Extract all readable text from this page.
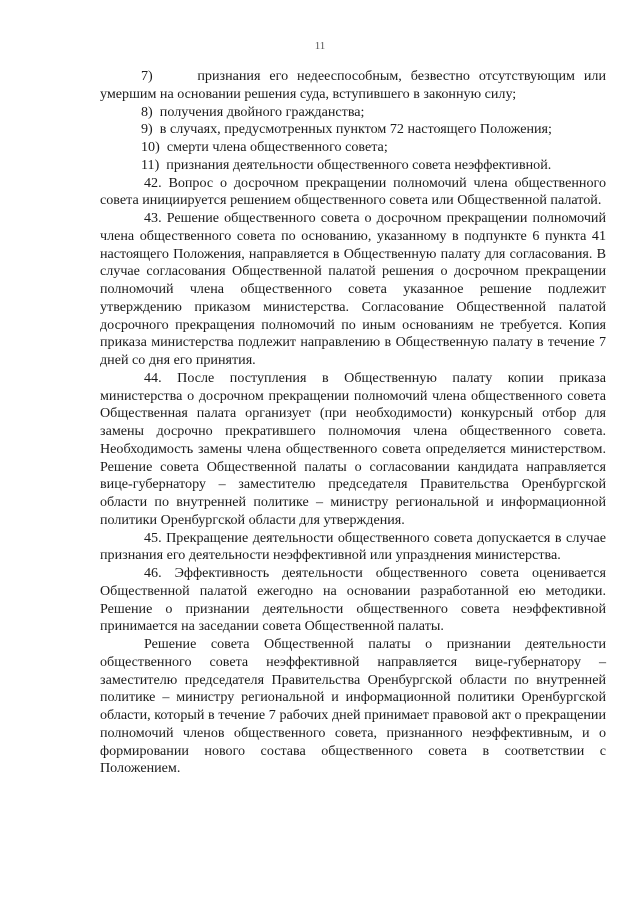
11

7)     признания его недееспособным, безвестно отсутствующим или умершим на основании решения суда, вступившего в законную силу;

8)  получения двойного гражданства;

9)  в случаях, предусмотренных пунктом 72 настоящего Положения;

10)  смерти члена общественного совета;

11)  признания деятельности общественного совета неэффективной.

42. Вопрос о досрочном прекращении полномочий члена общественного совета инициируется решением общественного совета или Общественной палатой.

43. Решение общественного совета о досрочном прекращении полномочий члена общественного совета по основанию, указанному в подпункте 6 пункта 41 настоящего Положения, направляется в Общественную палату для согласования. В случае согласования Общественной палатой решения о досрочном прекращении полномочий члена общественного совета указанное решение подлежит утверждению приказом министерства. Согласование Общественной палатой досрочного прекращения полномочий по иным основаниям не требуется. Копия приказа министерства подлежит направлению в Общественную палату в течение 7 дней со дня его принятия.

44. После поступления в Общественную палату копии приказа министерства о досрочном прекращении полномочий члена общественного совета Общественная палата организует (при необходимости) конкурсный отбор для замены досрочно прекратившего полномочия члена общественного совета. Необходимость замены члена общественного совета определяется министерством. Решение совета Общественной палаты о согласовании кандидата направляется вице-губернатору – заместителю председателя Правительства Оренбургской области по внутренней политике – министру региональной и информационной политики Оренбургской области для утверждения.

45. Прекращение деятельности общественного совета допускается в случае признания его деятельности неэффективной или упразднения министерства.

46. Эффективность деятельности общественного совета оценивается Общественной палатой ежегодно на основании разработанной ею методики. Решение о признании деятельности общественного совета неэффективной принимается на заседании совета Общественной палаты.

Решение совета Общественной палаты о признании деятельности общественного совета неэффективной направляется вице-губернатору – заместителю председателя Правительства Оренбургской области по внутренней политике – министру региональной и информационной политики Оренбургской области, который в течение 7 рабочих дней принимает правовой акт о прекращении полномочий членов общественного совета, признанного неэффективным, и о формировании нового состава общественного совета в соответствии с Положением.
